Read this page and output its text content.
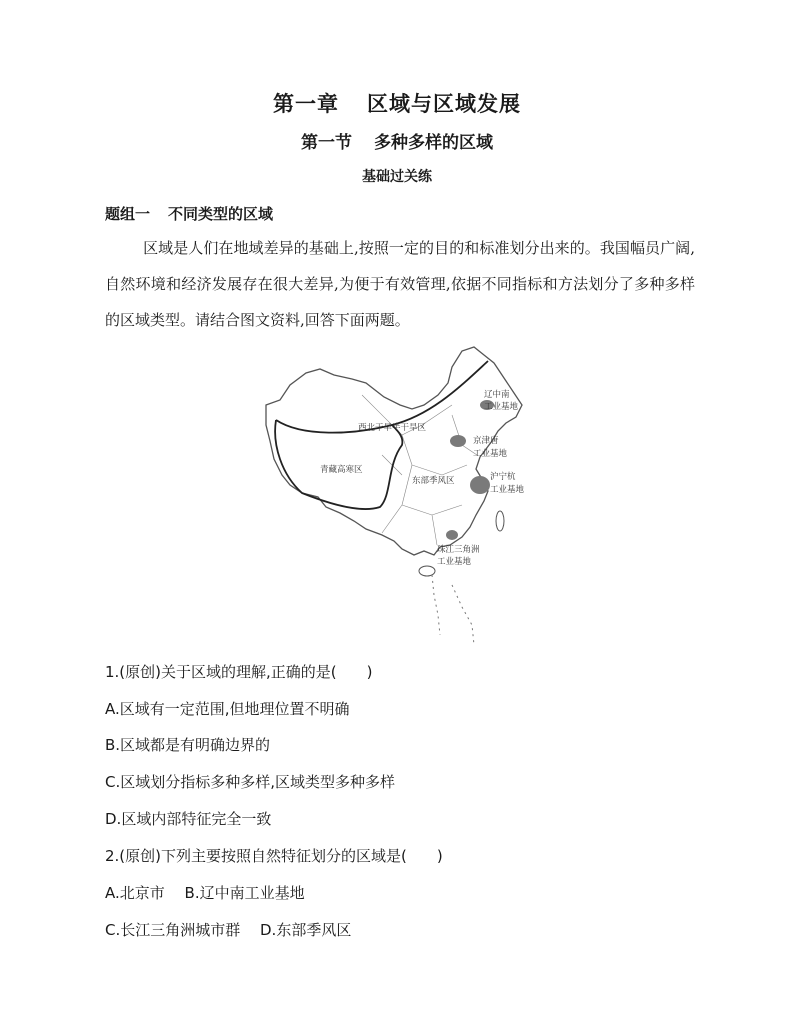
第一章 区域与区域发展
第一节 多种多样的区域
基础过关练
题组一 不同类型的区域
区域是人们在地域差异的基础上,按照一定的目的和标准划分出来的。我国幅员广阔,自然环境和经济发展存在很大差异,为便于有效管理,依据不同指标和方法划分了多种多样的区域类型。请结合图文资料,回答下面两题。
西北干旱半干旱区
青藏高寒区
东部季风区
辽中南
工业基地
京津唐
工业基地
沪宁杭
工业基地
珠江三角洲
工业基地
1.(原创)关于区域的理解,正确的是(　　)
A.区域有一定范围,但地理位置不明确
B.区域都是有明确边界的
C.区域划分指标多种多样,区域类型多种多样
D.区域内部特征完全一致
2.(原创)下列主要按照自然特征划分的区域是(　　)
A.北京市　 B.辽中南工业基地
C.长江三角洲城市群　 D.东部季风区
